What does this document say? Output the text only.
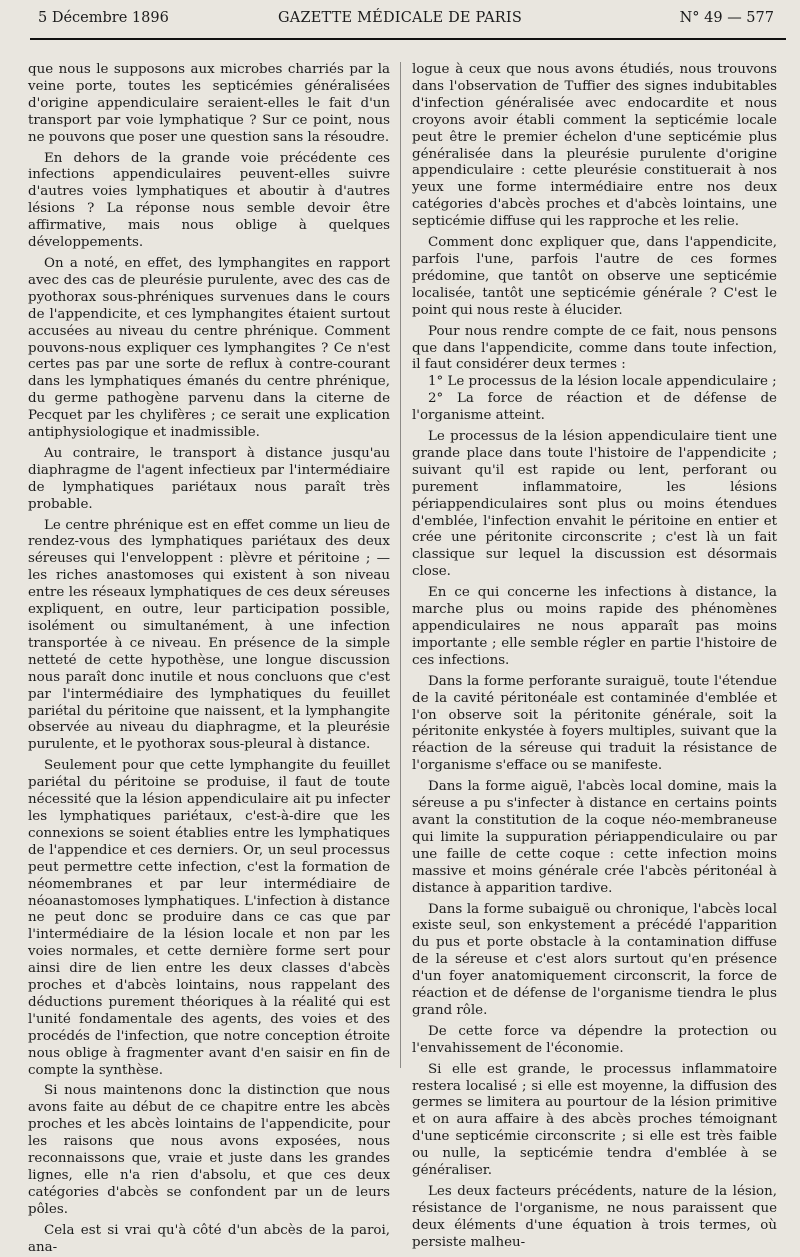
5 Décembre 1896	GAZETTE MÉDICALE DE PARIS	N° 49 — 577

que nous le supposons aux microbes charriés par la veine porte, toutes les septicémies généralisées d'origine appendiculaire seraient-elles le fait d'un transport par voie lymphatique ? Sur ce point, nous ne pouvons que poser une question sans la résoudre.

En dehors de la grande voie précédente ces infections appendiculaires peuvent-elles suivre d'autres voies lymphatiques et aboutir à d'autres lésions ? La réponse nous semble devoir être affirmative, mais nous oblige à quelques développements.

On a noté, en effet, des lymphangites en rapport avec des cas de pleurésie purulente, avec des cas de pyothorax sous-phréniques survenues dans le cours de l'appendicite, et ces lymphangites étaient surtout accusées au niveau du centre phrénique. Comment pouvons-nous expliquer ces lymphangites ? Ce n'est certes pas par une sorte de reflux à contre-courant dans les lymphatiques émanés du centre phrénique, du germe pathogène parvenu dans la citerne de Pecquet par les chylifères ; ce serait une explication antiphysiologique et inadmissible.

Au contraire, le transport à distance jusqu'au diaphragme de l'agent infectieux par l'intermédiaire de lymphatiques pariétaux nous paraît très probable.

Le centre phrénique est en effet comme un lieu de rendez-vous des lymphatiques pariétaux des deux séreuses qui l'enveloppent : plèvre et péritoine ; — les riches anastomoses qui existent à son niveau entre les réseaux lymphatiques de ces deux séreuses expliquent, en outre, leur participation possible, isolément ou simultanément, à une infection transportée à ce niveau. En présence de la simple netteté de cette hypothèse, une longue discussion nous paraît donc inutile et nous concluons que c'est par l'intermédiaire des lymphatiques du feuillet pariétal du péritoine que naissent, et la lymphangite observée au niveau du diaphragme, et la pleurésie purulente, et le pyothorax sous-pleural à distance.

Seulement pour que cette lymphangite du feuillet pariétal du péritoine se produise, il faut de toute nécessité que la lésion appendiculaire ait pu infecter les lymphatiques pariétaux, c'est-à-dire que les connexions se soient établies entre les lymphatiques de l'appendice et ces derniers. Or, un seul processus peut permettre cette infection, c'est la formation de néomembranes et par leur intermédiaire de néoanastomoses lymphatiques. L'infection à distance ne peut donc se produire dans ce cas que par l'intermédiaire de la lésion locale et non par les voies normales, et cette dernière forme sert pour ainsi dire de lien entre les deux classes d'abcès proches et d'abcès lointains, nous rappelant des déductions purement théoriques à la réalité qui est l'unité fondamentale des agents, des voies et des procédés de l'infection, que notre conception étroite nous oblige à fragmenter avant d'en saisir en fin de compte la synthèse.

Si nous maintenons donc la distinction que nous avons faite au début de ce chapitre entre les abcès proches et les abcès lointains de l'appendicite, pour les raisons que nous avons exposées, nous reconnaissons que, vraie et juste dans les grandes lignes, elle n'a rien d'absolu, et que ces deux catégories d'abcès se confondent par un de leurs pôles.

Cela est si vrai qu'à côté d'un abcès de la paroi, ana-

logue à ceux que nous avons étudiés, nous trouvons dans l'observation de Tuffier des signes indubitables d'infection généralisée avec endocardite et nous croyons avoir établi comment la septicémie locale peut être le premier échelon d'une septicémie plus généralisée dans la pleurésie purulente d'origine appendiculaire : cette pleurésie constituerait à nos yeux une forme intermédiaire entre nos deux catégories d'abcès proches et d'abcès lointains, une septicémie diffuse qui les rapproche et les relie.

Comment donc expliquer que, dans l'appendicite, parfois l'une, parfois l'autre de ces formes prédomine, que tantôt on observe une septicémie localisée, tantôt une septicémie générale ? C'est le point qui nous reste à élucider.

Pour nous rendre compte de ce fait, nous pensons que dans l'appendicite, comme dans toute infection, il faut considérer deux termes :

1° Le processus de la lésion locale appendiculaire ;

2° La force de réaction et de défense de l'organisme atteint.

Le processus de la lésion appendiculaire tient une grande place dans toute l'histoire de l'appendicite ; suivant qu'il est rapide ou lent, perforant ou purement inflammatoire, les lésions périappendiculaires sont plus ou moins étendues d'emblée, l'infection envahit le péritoine en entier et crée une péritonite circonscrite ; c'est là un fait classique sur lequel la discussion est désormais close.

En ce qui concerne les infections à distance, la marche plus ou moins rapide des phénomènes appendiculaires ne nous apparaît pas moins importante ; elle semble régler en partie l'histoire de ces infections.

Dans la forme perforante suraiguë, toute l'étendue de la cavité péritonéale est contaminée d'emblée et l'on observe soit la péritonite générale, soit la péritonite enkystée à foyers multiples, suivant que la réaction de la séreuse qui traduit la résistance de l'organisme s'efface ou se manifeste.

Dans la forme aiguë, l'abcès local domine, mais la séreuse a pu s'infecter à distance en certains points avant la constitution de la coque néo-membraneuse qui limite la suppuration périappendiculaire ou par une faille de cette coque : cette infection moins massive et moins générale crée l'abcès péritonéal à distance à apparition tardive.

Dans la forme subaiguë ou chronique, l'abcès local existe seul, son enkystement a précédé l'apparition du pus et porte obstacle à la contamination diffuse de la séreuse et c'est alors surtout qu'en présence d'un foyer anatomiquement circonscrit, la force de réaction et de défense de l'organisme tiendra le plus grand rôle.

De cette force va dépendre la protection ou l'envahissement de l'économie.

Si elle est grande, le processus inflammatoire restera localisé ; si elle est moyenne, la diffusion des germes se limitera au pourtour de la lésion primitive et on aura affaire à des abcès proches témoignant d'une septicémie circonscrite ; si elle est très faible ou nulle, la septicémie tendra d'emblée à se généraliser.

Les deux facteurs précédents, nature de la lésion, résistance de l'organisme, ne nous paraissent que deux éléments d'une équation à trois termes, où persiste malheu-
